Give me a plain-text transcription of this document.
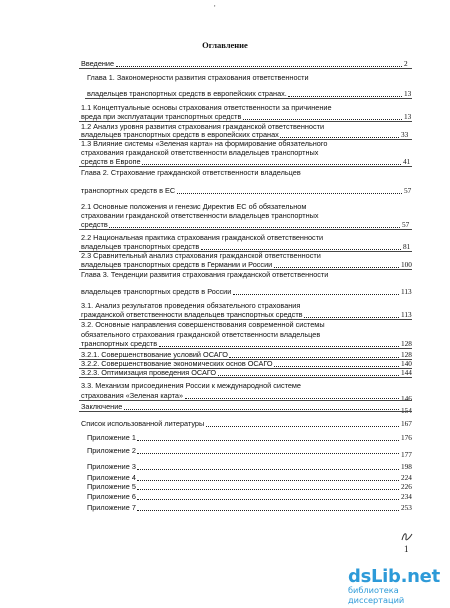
'
Оглавление
Введение	2
Глава 1. Закономерности развития страхования ответственности
владельцев транспортных средств в европейских странах.	13
1.1 Концептуальные основы страхования ответственности за причинение
вреда при эксплуатации транспортных средств	13
1.2 Анализ уровня развития страхования гражданской ответственности
владельцев транспортных средств в европейских странах	33
1.3 Влияние системы «Зеленая карта» на формирование обязательного
страхования гражданской ответственности владельцев транспортных
средств в Европе	41
Глава 2. Страхование гражданской ответственности владельцев
транспортных средств в ЕС	57
2.1 Основные положения и генезис Директив ЕС об обязательном
страховании гражданской ответственности владельцев транспортных
средств	57
2.2 Национальная практика страхования гражданской ответственности
владельцев транспортных средств	81
2.3 Сравнительный анализ страхования гражданской ответственности
владельцев транспортных средств в Германии и России	100
Глава 3. Тенденции развития страхования гражданской ответственности
владельцев транспортных средств в России	113
3.1. Анализ результатов проведения обязательного страхования
гражданской ответственности владельцев транспортных средств	113
3.2. Основные направления совершенствования современной системы
обязательного страхования гражданской ответственности владельцев
транспортных средств	128
3.2.1. Совершенствование условий ОСАГО	128
3.2.2. Совершенствование экономических основ ОСАГО	140
3.2.3. Оптимизация проведения ОСАГО	144
3.3. Механизм присоединения России к международной системе
страхования «Зеленая карта»	146
Заключение	154
Список использованной литературы	167
Приложение 1	176
Приложение 2	177
Приложение 3	198
Приложение 4	224
Приложение 5	226
Приложение 6	234
Приложение 7	253
1
dsLib.net
библиотека диссертаций
